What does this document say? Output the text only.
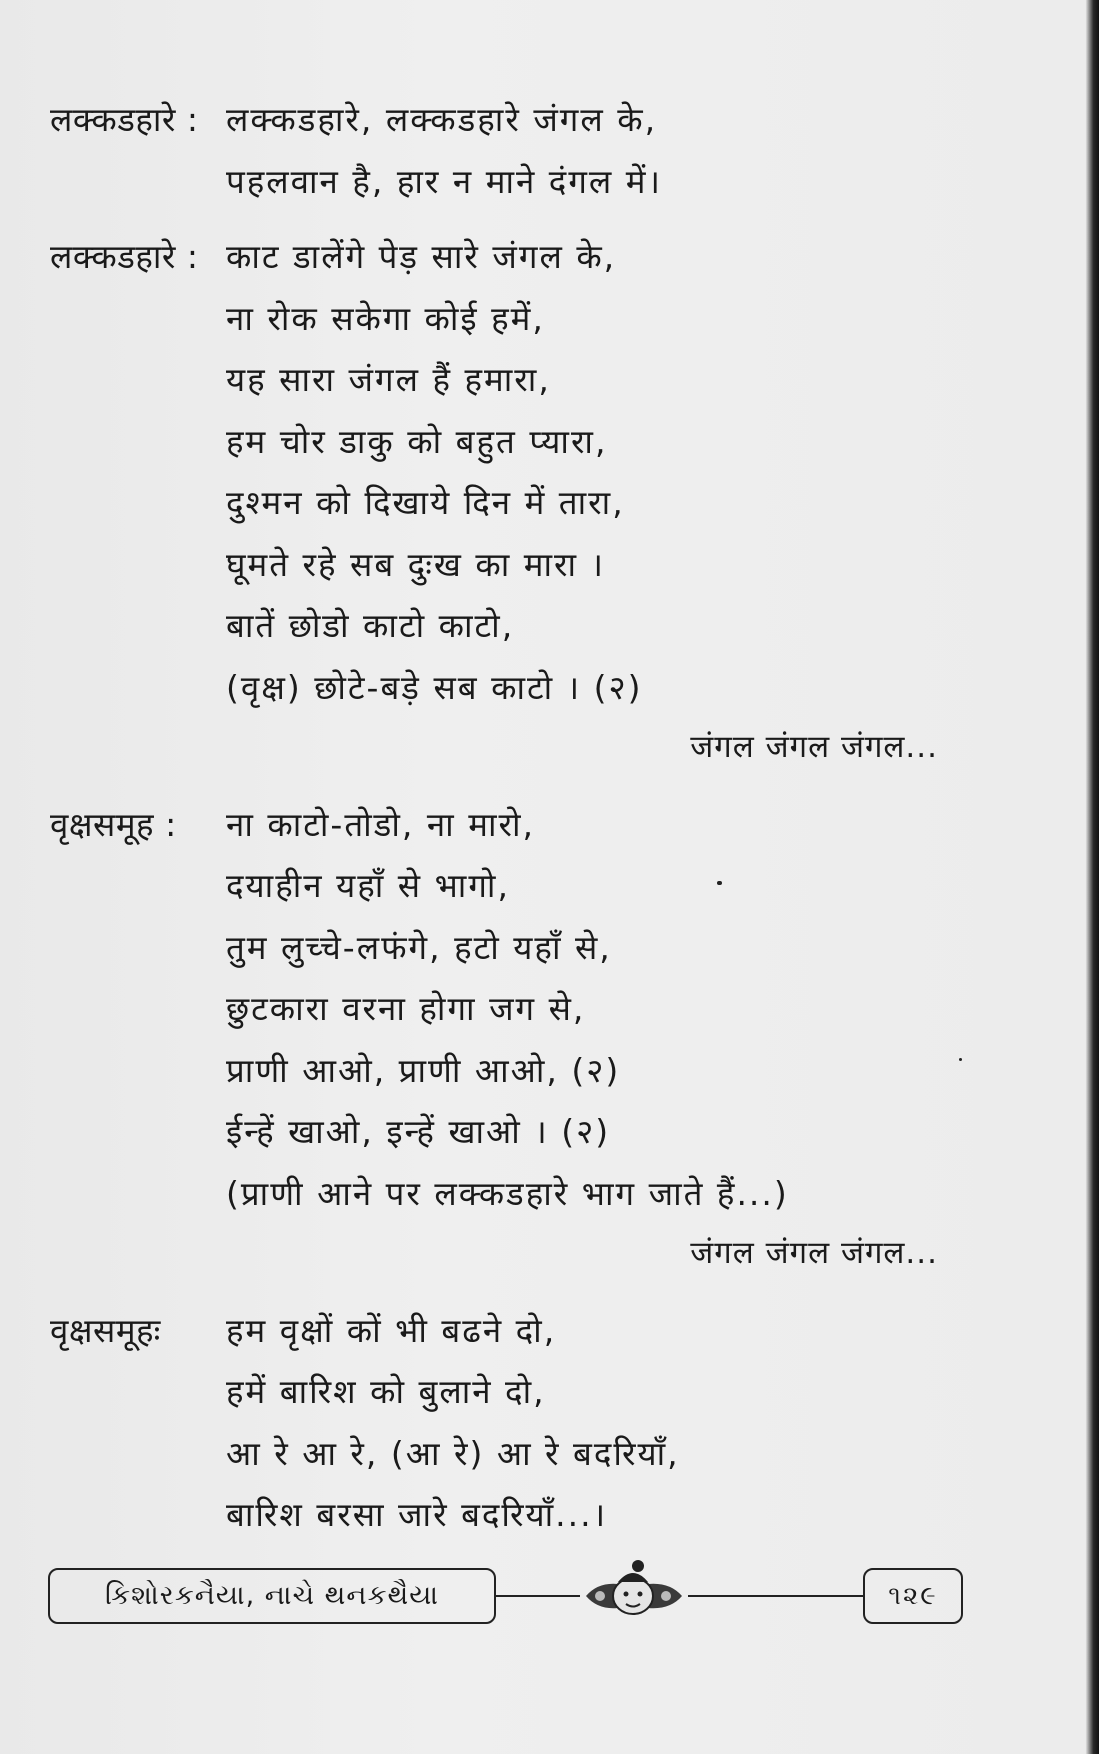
लक्कडहारे : लक्कडहारे, लक्कडहारे जंगल के,
पहलवान है, हार न माने दंगल में।
लक्कडहारे : काट डालेंगे पेड़ सारे जंगल के,
ना रोक सकेगा कोई हमें,
यह सारा जंगल हैं हमारा,
हम चोर डाकु को बहुत प्यारा,
दुश्मन को दिखाये दिन में तारा,
घूमते रहे सब दुःख का मारा ।
बातें छोडो काटो काटो,
(वृक्ष) छोटे-बड़े सब काटो । (२)
जंगल जंगल जंगल...
वृक्षसमूह :	ना काटो-तोडो, ना मारो,
दयाहीन यहाँ से भागो,
तुम लुच्चे-लफंगे, हटो यहाँ से,
छुटकारा वरना होगा जग से,
प्राणी आओ, प्राणी आओ, (२)
ईन्हें खाओ, इन्हें खाओ । (२)
(प्राणी आने पर लक्कडहारे भाग जाते हैं...)
जंगल जंगल जंगल...
वृक्षसमूहः	हम वृक्षों कों भी बढने दो,
हमें बारिश को बुलाने दो,
आ रे आ रे, (आ रे) आ रे बदरियाँ,
बारिश बरसा जारे बदरियाँ...।
કિશોરકનૈયા, નાચે થનકથૈયા	૧૨૯
